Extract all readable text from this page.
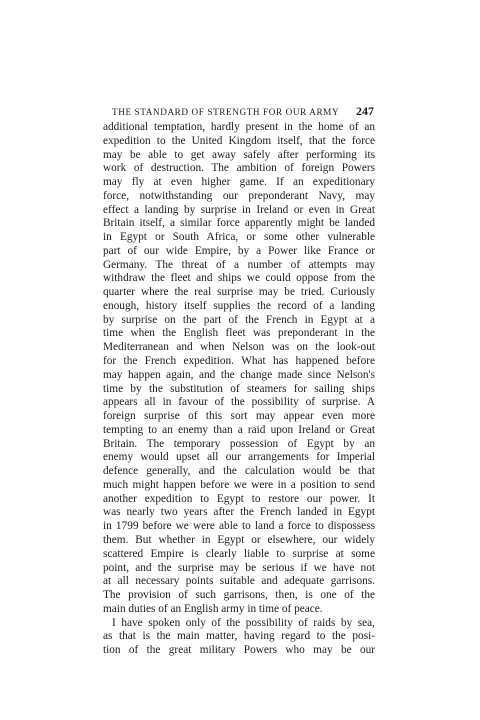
THE STANDARD OF STRENGTH FOR OUR ARMY 247
additional temptation, hardly present in the home of an
expedition to the United Kingdom itself, that the force
may be able to get away safely after performing its
work of destruction. The ambition of foreign Powers
may fly at even higher game. If an expeditionary
force, notwithstanding our preponderant Navy, may
effect a landing by surprise in Ireland or even in Great
Britain itself, a similar force apparently might be landed
in Egypt or South Africa, or some other vulnerable
part of our wide Empire, by a Power like France or
Germany. The threat of a number of attempts may
withdraw the fleet and ships we could oppose from the
quarter where the real surprise may be tried. Curiously
enough, history itself supplies the record of a landing
by surprise on the part of the French in Egypt at a
time when the English fleet was preponderant in the
Mediterranean and when Nelson was on the look-out
for the French expedition. What has happened before
may happen again, and the change made since Nelson's
time by the substitution of steamers for sailing ships
appears all in favour of the possibility of surprise. A
foreign surprise of this sort may appear even more
tempting to an enemy than a raid upon Ireland or Great
Britain. The temporary possession of Egypt by an
enemy would upset all our arrangements for Imperial
defence generally, and the calculation would be that
much might happen before we were in a position to send
another expedition to Egypt to restore our power. It
was nearly two years after the French landed in Egypt
in 1799 before we were able to land a force to dispossess
them. But whether in Egypt or elsewhere, our widely
scattered Empire is clearly liable to surprise at some
point, and the surprise may be serious if we have not
at all necessary points suitable and adequate garrisons.
The provision of such garrisons, then, is one of the
main duties of an English army in time of peace.
I have spoken only of the possibility of raids by sea,
as that is the main matter, having regard to the posi-
tion of the great military Powers who may be our
